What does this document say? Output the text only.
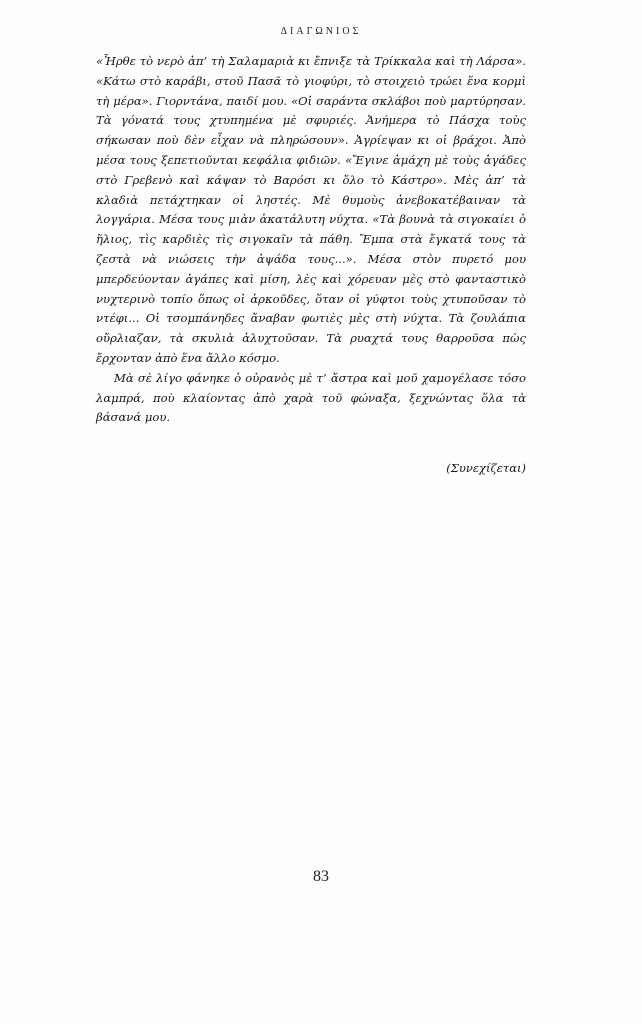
ΔΙΑΓΩΝΙΟΣ

«Ἦρθε τὸ νερὸ ἀπ’ τὴ Σαλαμαριὰ κι ἔπνιξε τὰ Τρίκκαλα καὶ τὴ Λάρσα». «Κάτω στὸ καράβι, στοῦ Πασᾶ τὸ γιοφύρι, τὸ στοιχειὸ τρώει ἕνα κορμὶ τὴ μέρα». Γιορντάνα, παιδί μου. «Οἱ σαράντα σκλάβοι ποὺ μαρτύρησαν. Τὰ γόνατά τους χτυπημένα μὲ σφυριές. Ἀνήμερα τὸ Πάσχα τοὺς σήκωσαν ποὺ δὲν εἶχαν νὰ πληρώσουν». Ἀγρίεψαν κι οἱ βράχοι. Ἀπὸ μέσα τους ξεπετιοῦνται κεφάλια φιδιῶν. «Ἔγινε ἀμάχη μὲ τοὺς ἀγάδες στὸ Γρεβενὸ καὶ κάψαν τὸ Βαρόσι κι ὅλο τὸ Κάστρο». Μὲς ἀπ’ τὰ κλαδιὰ πετάχτηκαν οἱ ληστές. Μὲ θυμοὺς ἀνεβοκατέβαιναν τὰ λογγάρια. Μέσα τους μιὰν ἀκατάλυτη νύχτα. «Τὰ βουνὰ τὰ σιγοκαίει ὁ ἥλιος, τὶς καρδιὲς τὶς σιγοκαῖν τὰ πάθη. Ἔμπα στὰ ἔγκατά τους τὰ ζεστὰ νὰ νιώσεις τὴν ἀψάδα τους...». Μέσα στὸν πυρετό μου μπερδεύονταν ἀγάπες καὶ μίση, λὲς καὶ χόρευαν μὲς στὸ φανταστικὸ νυχτερινὸ τοπίο ὅπως οἱ ἀρκοῦδες, ὅταν οἱ γύφτοι τοὺς χτυποῦσαν τὸ ντέφι... Οἱ τσομπάνηδες ἄναβαν φωτιὲς μὲς στὴ νύχτα. Τὰ ζουλάπια οὔρλιαζαν, τὰ σκυλιὰ ἀλυχτοῦσαν. Τὰ ρυαχτά τους θαρροῦσα πὼς ἔρχονταν ἀπὸ ἕνα ἄλλο κόσμο.

Μὰ σὲ λίγο φάνηκε ὁ οὐρανὸς μὲ τ’ ἄστρα καὶ μοῦ χαμογέλασε τόσο λαμπρά, ποὺ κλαίοντας ἀπὸ χαρὰ τοῦ φώναξα, ξεχνώντας ὅλα τὰ βάσανά μου.

(Συνεχίζεται)
83
